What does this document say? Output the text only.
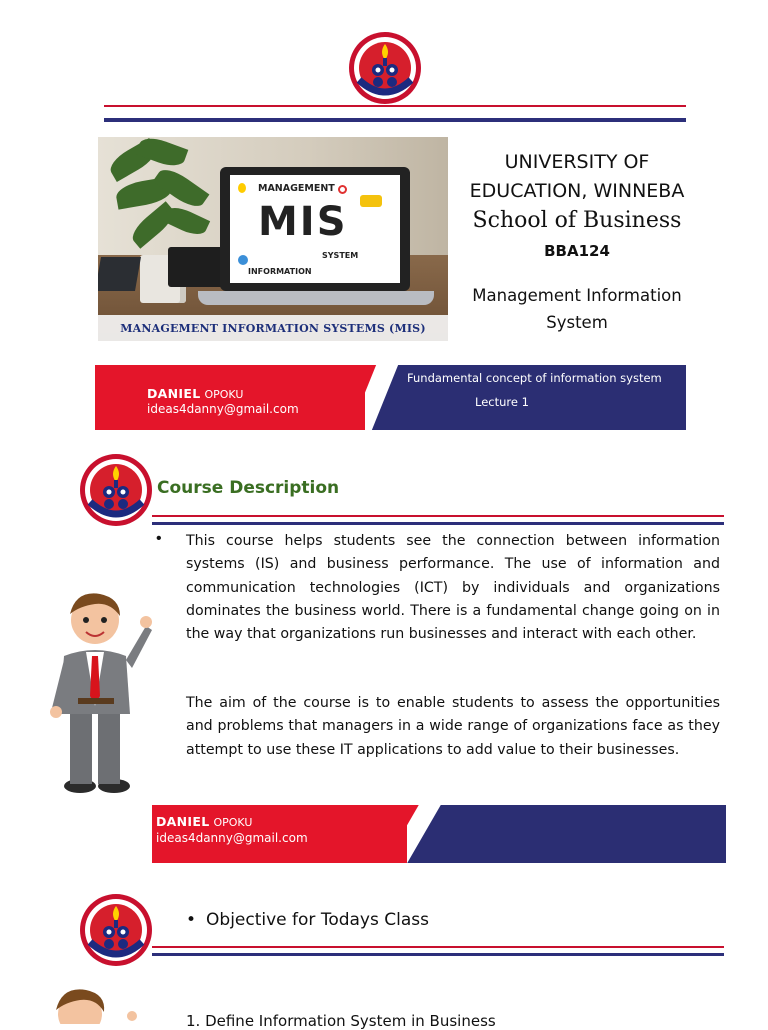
MANAGEMENT
MIS
SYSTEM
INFORMATION
MANAGEMENT INFORMATION SYSTEMS (MIS)
UNIVERSITY OF
EDUCATION, WINNEBA
School of Business
BBA124
Management Information
System
DANIEL OPOKU
ideas4danny@gmail.com
Fundamental concept of information system
Lecture 1
Course Description
• This course helps students see the connection between information systems (IS) and business performance. The use of information and communication technologies (ICT) by individuals and organizations dominates the business world. There is a fundamental change going on in the way that organizations run businesses and interact with each other.
The aim of the course is to enable students to assess the opportunities and problems that managers in a wide range of organizations face as they attempt to use these IT applications to add value to their businesses.
DANIEL OPOKU
ideas4danny@gmail.com
• Objective for Todays Class
1. Define Information System in Business
